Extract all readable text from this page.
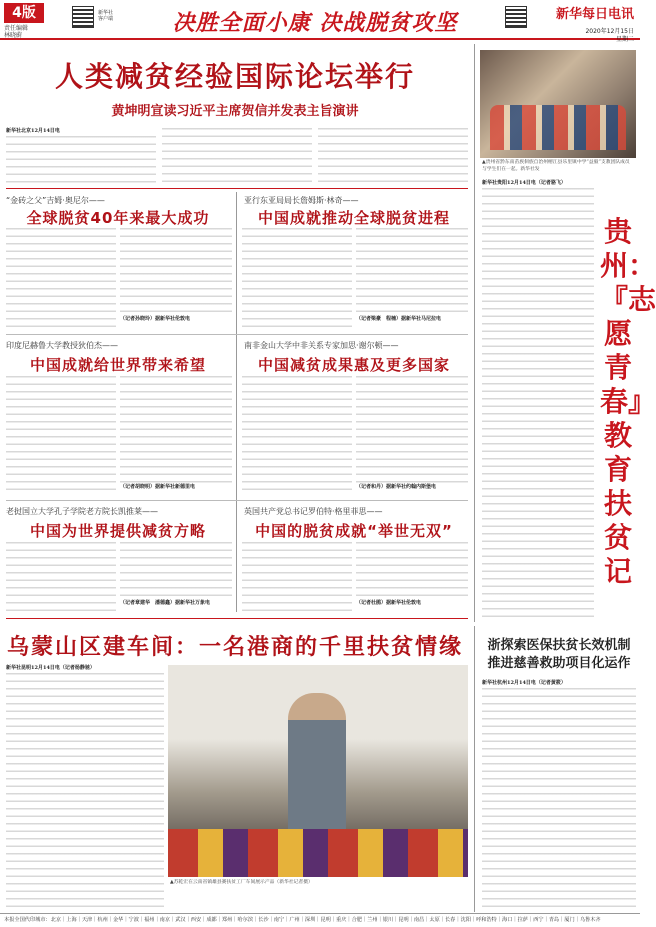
4版
责任编辑
林晓蔚
新华社
客户端	决胜全面小康 决战脱贫攻坚	新华每日电讯
2020年12月15日
星期二
人类减贫经验国际论坛举行
黄坤明宣读习近平主席贺信并发表主旨演讲
新华社北京12月14日电
“金砖之父”吉姆·奥尼尔——
全球脱贫40年来最大成功
（记者孙晓玲）据新华社伦敦电
亚行东亚局局长詹姆斯·林奇——
中国成就推动全球脱贫进程
（记者梁豪　程楠）据新华社马尼拉电
印度尼赫鲁大学教授狄伯杰——
中国成就给世界带来希望
（记者胡晓明）据新华社新德里电
南非金山大学中非关系专家加思·谢尔顿——
中国减贫成果惠及更多国家
（记者和丹）据新华社约翰内斯堡电
老挝国立大学孔子学院老方院长凯推莱——
中国为世界提供减贫方略
（记者章建华　潘德鑫）据新华社万象电
英国共产党总书记罗伯特·格里菲思——
中国的脱贫成就“举世无双”
（记者杜鹃）据新华社伦敦电
▲贵州省黔东南苗族侗族自治州榕江县乐里镇中学“益毅”支教团队成员与学生们在一起。新华社发
新华社贵阳12月14日电（记者骆飞）
贵州：『志愿青春』教育扶贫记
乌蒙山区建车间：一名港商的千里扶贫情缘
新华社昆明12月14日电（记者杨静驰）
▲苏乾宏在云南省镇雄县赛扶贫工厂车间展示产品（新华社记者摄）
浙探索医保扶贫长效机制
推进慈善救助项目化运作
新华社杭州12月14日电（记者黄筱）
本报全国代印城市：北京｜上海｜天津｜杭州｜金华｜宁波｜福州｜南京｜武汉｜西安｜成都｜郑州｜哈尔滨｜长沙｜南宁｜广州｜深圳｜昆明｜重庆｜合肥｜兰州｜银川｜昆明｜南昌｜太原｜长春｜沈阳｜呼和浩特｜海口｜拉萨｜西宁｜青岛｜厦门｜乌鲁木齐
